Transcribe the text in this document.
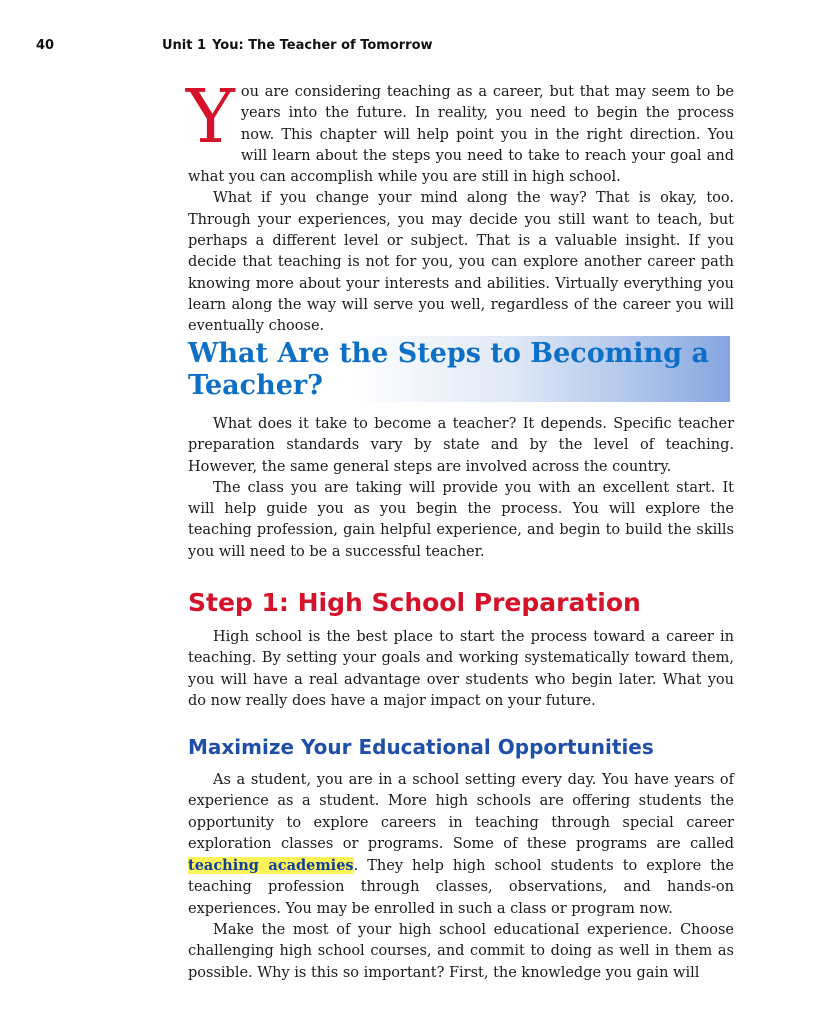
40	Unit 1 You: The Teacher of Tomorrow

You are considering teaching as a career, but that may seem to be years into the future. In reality, you need to begin the process now. This chapter will help point you in the right direction. You will learn about the steps you need to take to reach your goal and what you can accomplish while you are still in high school.

What if you change your mind along the way? That is okay, too. Through your experiences, you may decide you still want to teach, but perhaps a different level or subject. That is a valuable insight. If you decide that teaching is not for you, you can explore another career path knowing more about your interests and abilities. Virtually everything you learn along the way will serve you well, regardless of the career you will eventually choose.

What Are the Steps to Becoming a Teacher?

What does it take to become a teacher? It depends. Specific teacher preparation standards vary by state and by the level of teaching. However, the same general steps are involved across the country.

The class you are taking will provide you with an excellent start. It will help guide you as you begin the process. You will explore the teaching profession, gain helpful experience, and begin to build the skills you will need to be a successful teacher.

Step 1: High School Preparation

High school is the best place to start the process toward a career in teaching. By setting your goals and working systematically toward them, you will have a real advantage over students who begin later. What you do now really does have a major impact on your future.

Maximize Your Educational Opportunities

As a student, you are in a school setting every day. You have years of experience as a student. More high schools are offering students the opportunity to explore careers in teaching through special career exploration classes or programs. Some of these programs are called teaching academies. They help high school students to explore the teaching profession through classes, observations, and hands-on experiences. You may be enrolled in such a class or program now.

Make the most of your high school educational experience. Choose challenging high school courses, and commit to doing as well in them as possible. Why is this so important? First, the knowledge you gain will
